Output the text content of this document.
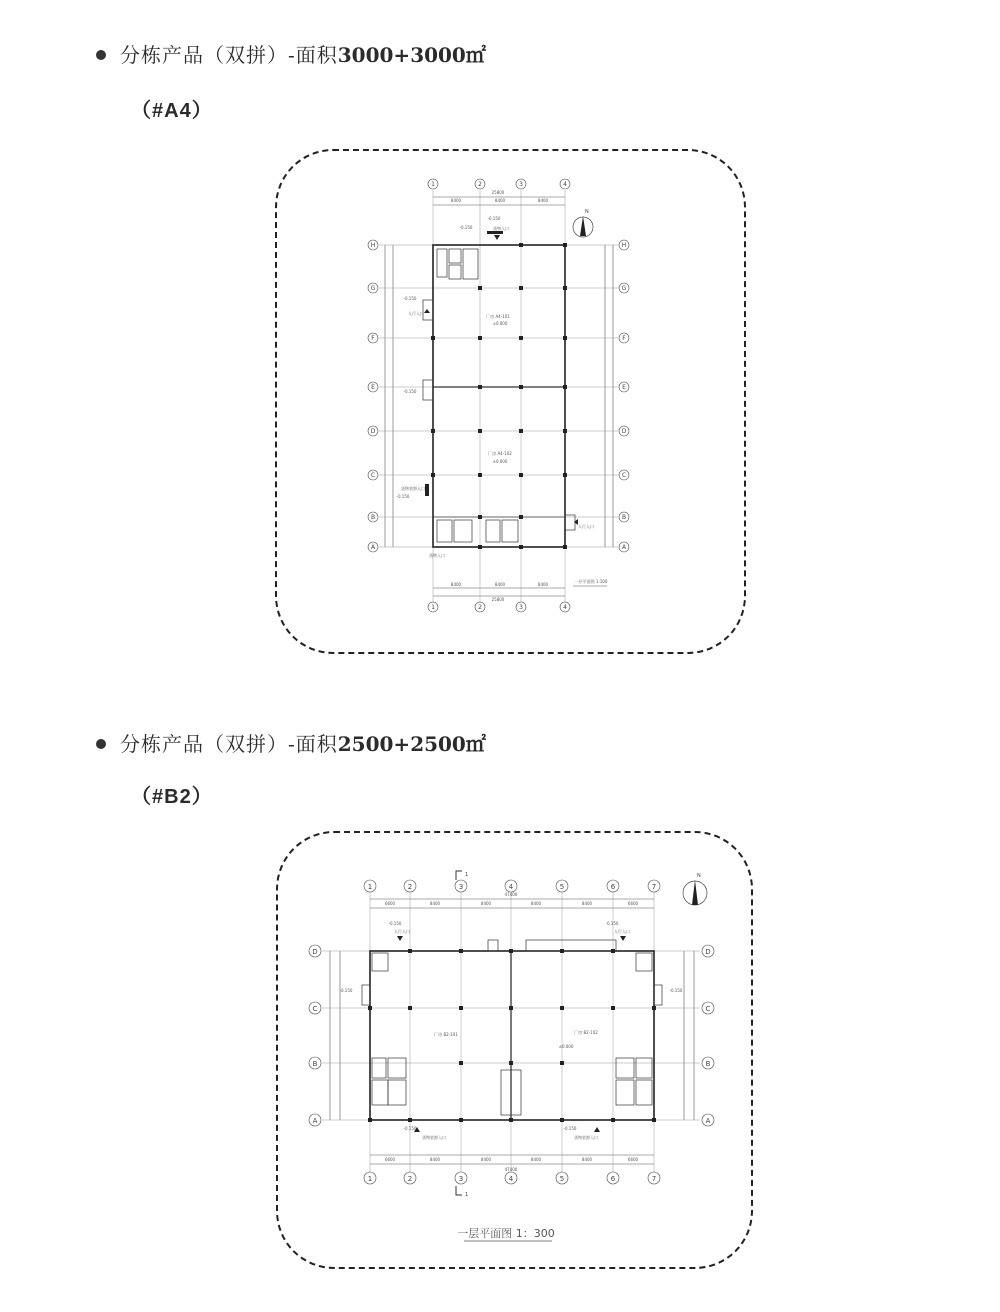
分栋产品（双拼）-面积3000+3000㎡
（#A4）
1	2	3	4
1	2	3	4
A
B
C
D
E
F
G
H
A
B
C
D
E
F
G
H
25800
8400	8400	8400
8400	8400	8400
25800
厂房 A4-101
±0.000
厂房 A4-102
±0.000
-0.150
-0.150
-0.150
-0.150
-0.150
货物入口
人行入口
人行入口
货物装卸入口
货物入口
一层平面图 1:100
N
分栋产品（双拼）-面积2500+2500㎡
（#B2）
1	2	3	4	5	6	7
1	2	3	4	5	6	7
A
B
C
D
A
B
C
D
47400
6600	8400	8400	8400	8400	6600
6600	8400	8400	8400	8400	6600
47400
厂房 B2-101	厂房 B2-102
±0.000
-0.150	-0.150
-0.150	-0.150
-0.150	-0.150
人行入口	人行入口
货物装卸入口	货物装卸入口
1
1
一层平面图 1：300
N
